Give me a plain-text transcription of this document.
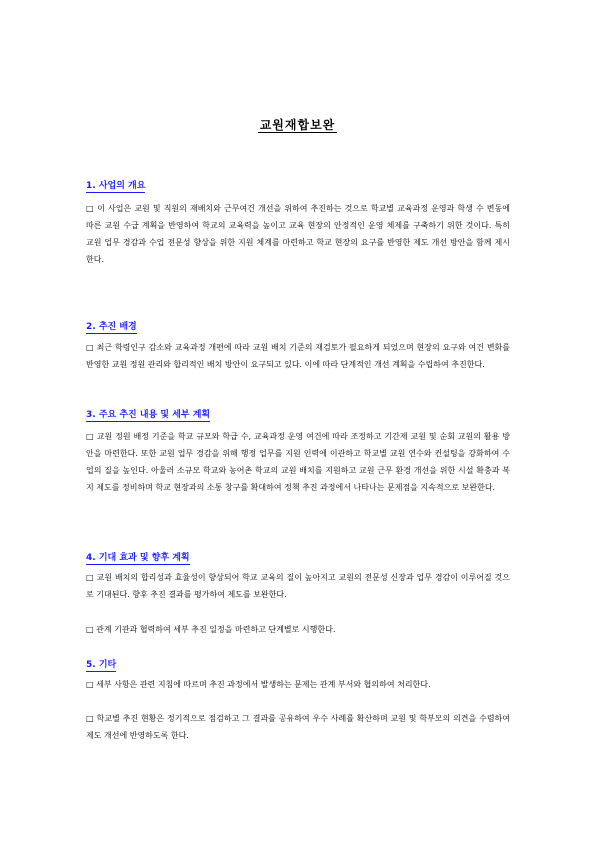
교원재합보완
1. 사업의 개요
□ 이 사업은 교원 및 직원의 재배치와 근무여건 개선을 위하여 추진하는 것으로 학교별 교육과정 운영과 학생 수 변동에 따른 교원 수급 계획을 반영하여 학교의 교육력을 높이고 교육 현장의 안정적인 운영 체제를 구축하기 위한 것이다. 특히 교원 업무 경감과 수업 전문성 향상을 위한 지원 체계를 마련하고 학교 현장의 요구를 반영한 제도 개선 방안을 함께 제시한다.
2. 추진 배경
□ 최근 학령인구 감소와 교육과정 개편에 따라 교원 배치 기준의 재검토가 필요하게 되었으며 현장의 요구와 여건 변화를 반영한 교원 정원 관리와 합리적인 배치 방안이 요구되고 있다. 이에 따라 단계적인 개선 계획을 수립하여 추진한다.
3. 주요 추진 내용 및 세부 계획
□ 교원 정원 배정 기준을 학교 규모와 학급 수, 교육과정 운영 여건에 따라 조정하고 기간제 교원 및 순회 교원의 활용 방안을 마련한다. 또한 교원 업무 경감을 위해 행정 업무를 지원 인력에 이관하고 학교별 교원 연수와 컨설팅을 강화하여 수업의 질을 높인다. 아울러 소규모 학교와 농어촌 학교의 교원 배치를 지원하고 교원 근무 환경 개선을 위한 시설 확충과 복지 제도를 정비하며 학교 현장과의 소통 창구를 확대하여 정책 추진 과정에서 나타나는 문제점을 지속적으로 보완한다.
4. 기대 효과 및 향후 계획
□ 교원 배치의 합리성과 효율성이 향상되어 학교 교육의 질이 높아지고 교원의 전문성 신장과 업무 경감이 이루어질 것으로 기대된다. 향후 추진 결과를 평가하여 제도를 보완한다.
□ 관계 기관과 협력하여 세부 추진 일정을 마련하고 단계별로 시행한다.
5. 기타
□ 세부 사항은 관련 지침에 따르며 추진 과정에서 발생하는 문제는 관계 부서와 협의하여 처리한다.
□ 학교별 추진 현황은 정기적으로 점검하고 그 결과를 공유하여 우수 사례를 확산하며 교원 및 학부모의 의견을 수렴하여 제도 개선에 반영하도록 한다.
